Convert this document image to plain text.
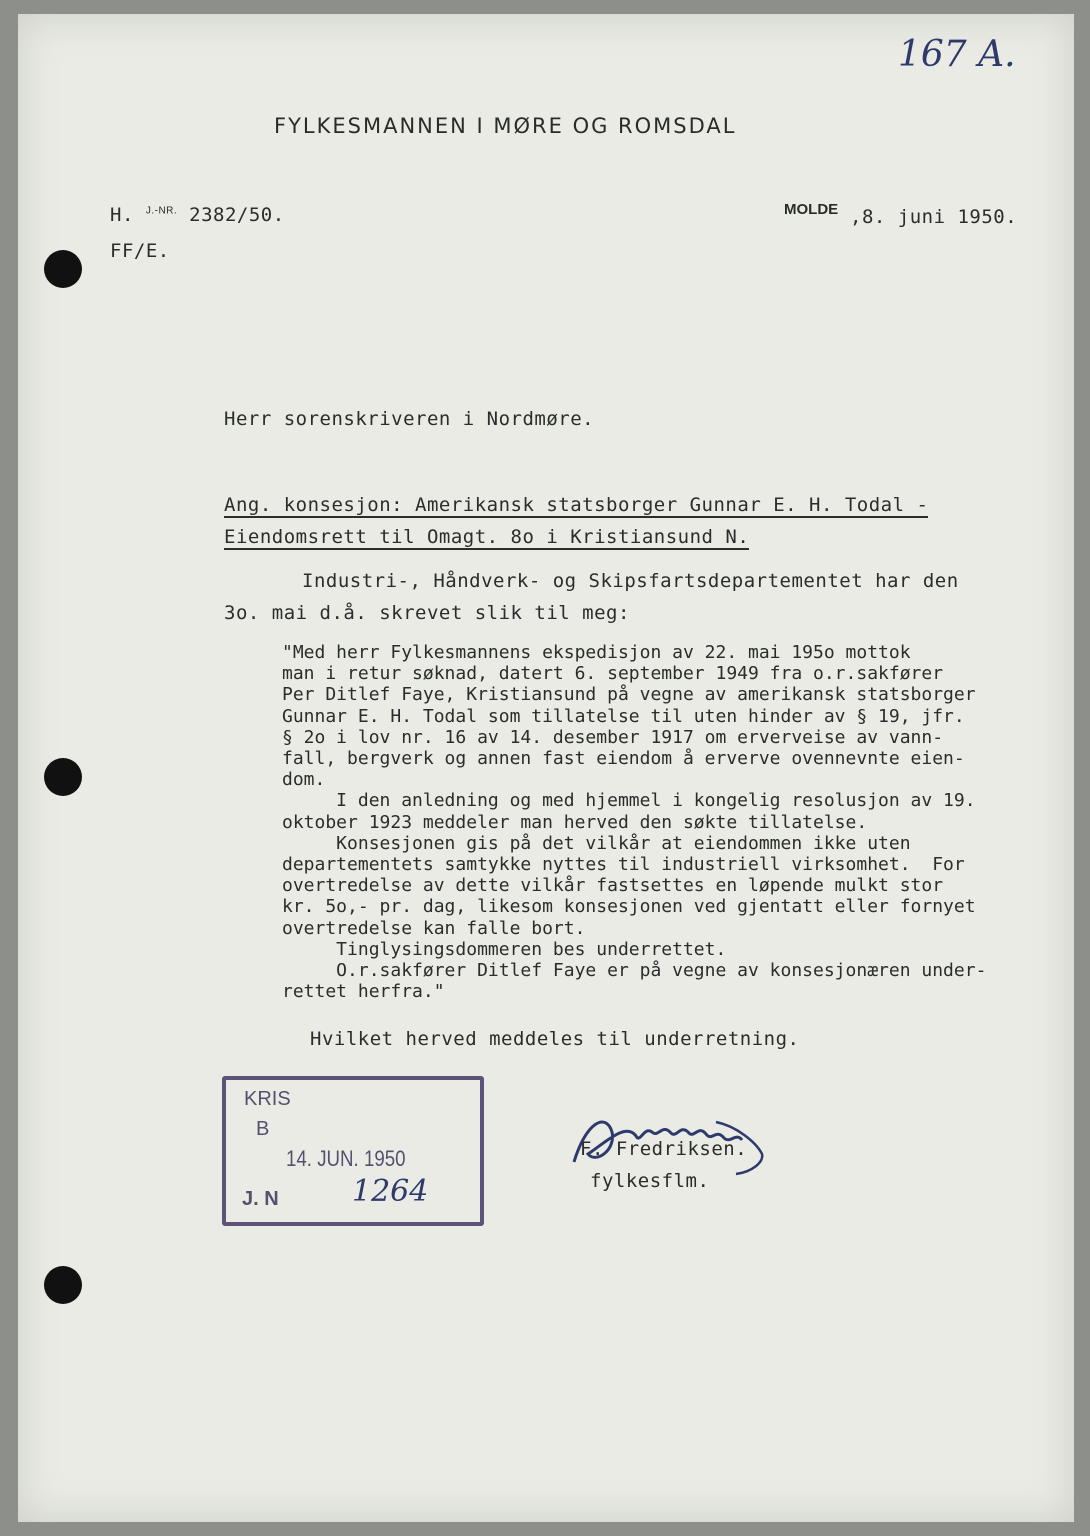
167 A.
FYLKESMANNEN I MØRE OG ROMSDAL
H. $^{J.-NR.}$ 2382/50.
FF/E.
MOLDE ,8. juni 1950.
Herr sorenskriveren i Nordmøre.
Ang. konsesjon: Amerikansk statsborger Gunnar E. H. Todal -
Eiendomsrett til Omagt. 8o i Kristiansund N.
Industri-, Håndverk- og Skipsfartsdepartementet har den
3o. mai d.å. skrevet slik til meg:
"Med herr Fylkesmannens ekspedisjon av 22. mai 195o mottok
man i retur søknad, datert 6. september 1949 fra o.r.sakfører
Per Ditlef Faye, Kristiansund på vegne av amerikansk statsborger
Gunnar E. H. Todal som tillatelse til uten hinder av § 19, jfr.
§ 2o i lov nr. 16 av 14. desember 1917 om erverveise av vann-
fall, bergverk og annen fast eiendom å erverve ovennevnte eien-
dom.
I den anledning og med hjemmel i kongelig resolusjon av 19.
oktober 1923 meddeler man herved den søkte tillatelse.
Konsesjonen gis på det vilkår at eiendommen ikke uten
departementets samtykke nyttes til industriell virksomhet.  For
overtredelse av dette vilkår fastsettes en løpende mulkt stor
kr. 5o,- pr. dag, likesom konsesjonen ved gjentatt eller fornyet
overtredelse kan falle bort.
Tinglysingsdommeren bes underrettet.
O.r.sakfører Ditlef Faye er på vegne av konsesjonæren under-
rettet herfra."
Hvilket herved meddeles til underretning.
KRIS
B
14. JUN. 1950
J. N 1264
F. Fredriksen.
fylkesflm.
